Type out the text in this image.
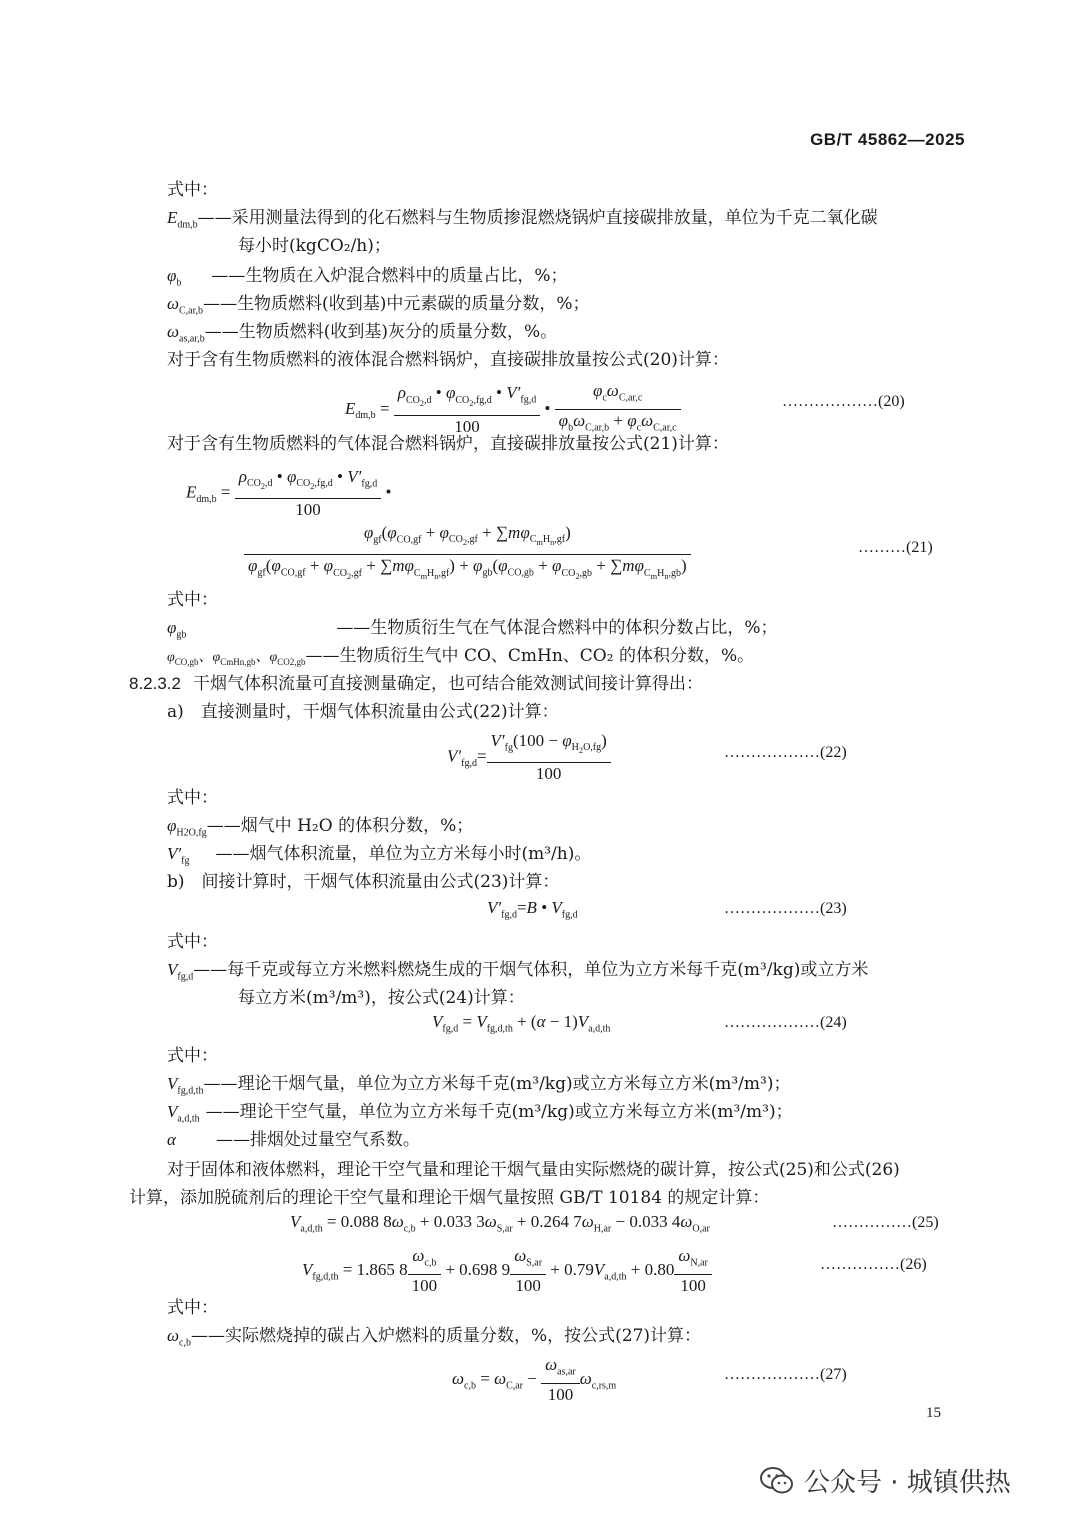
GB/T 45862—2025
式中：
$E_{dm,b}——$采用测量法得到的化石燃料与生物质掺混燃烧锅炉直接碳排放量，单位为千克二氧化碳
每小时(kgCO₂/h)；
$\varphi_b$ ——生物质在入炉混合燃料中的质量占比，%；
$\omega_{C,ar,b}——$生物质燃料(收到基)中元素碳的质量分数，%；
$\omega_{as,ar,b}——$生物质燃料(收到基)灰分的质量分数，%。
对于含有生物质燃料的液体混合燃料锅炉，直接碳排放量按公式(20)计算：
$E_{dm,b} = \frac{\rho_{CO_2,d} • \varphi_{CO_2,fg,d} • V'_{fg,d}}{100}$ • $\frac{\varphi_c\omega_{C,ar,c}}{\varphi_b\omega_{C,ar,b} + \varphi_c\omega_{C,ar,c}}$	………………(20)
对于含有生物质燃料的气体混合燃料锅炉，直接碳排放量按公式(21)计算：
$E_{dm,b} = \frac{\rho_{CO_2,d} • \varphi_{CO_2,fg,d} • V'_{fg,d}}{100}$ •
$\varphi_{gf}(\varphi_{CO,gf} + \varphi_{CO_2,gf} + \sum m\varphi_{C_mH_n,gf})$
$\varphi_{gf}(\varphi_{CO,gf} + \varphi_{CO_2,gf} + \sum m\varphi_{C_mH_n,gf}) + \varphi_{gb}(\varphi_{CO,gb} + \varphi_{CO_2,gb} + \sum m\varphi_{C_mH_n,gb})$
………(21)
式中：
$\varphi_{gb}$	——生物质衍生气在气体混合燃料中的体积分数占比，%；
$\varphi_{CO,gb}$、$\varphi_{CmHn,gb}$、$\varphi_{CO2,gb}——$生物质衍生气中 CO、CmHn、CO₂ 的体积分数，%。
8.2.3.2 干烟气体积流量可直接测量确定，也可结合能效测试间接计算得出：
a)　直接测量时，干烟气体积流量由公式(22)计算：
$V'_{fg,d}= \frac{V'_{fg}(100 - \varphi_{H_2O,fg})}{100}$	………………(22)
式中：
$\varphi_{H2O,fg}——$烟气中 H₂O 的体积分数，%；
$V'_{fg}$ ——烟气体积流量，单位为立方米每小时(m³/h)。
b)　间接计算时，干烟气体积流量由公式(23)计算：
$V'_{fg,d}=B$ • $V_{fg,d}$	………………(23)
式中：
$V_{fg,d}——$每千克或每立方米燃料燃烧生成的干烟气体积，单位为立方米每千克(m³/kg)或立方米
每立方米(m³/m³)，按公式(24)计算：
$V_{fg,d} = V_{fg,d,th} + (\alpha - 1)V_{a,d,th}$	………………(24)
式中：
$V_{fg,d,th}——$理论干烟气量，单位为立方米每千克(m³/kg)或立方米每立方米(m³/m³)；
$V_{a,d,th}$ ——理论干空气量，单位为立方米每千克(m³/kg)或立方米每立方米(m³/m³)；
α ——排烟处过量空气系数。
对于固体和液体燃料，理论干空气量和理论干烟气量由实际燃烧的碳计算，按公式(25)和公式(26)
计算，添加脱硫剂后的理论干空气量和理论干烟气量按照 GB/T 10184 的规定计算：
$V_{a,d,th} = 0.088$ $8\omega_{c,b} + 0.033$ $3\omega_{S,ar} + 0.264$ $7\omega_{H,ar} - 0.033$ $4\omega_{O,ar}$	……………(25)
$V_{fg,d,th} = 1.865$ $8 \frac{\omega_{c,b}}{100} + 0.698$ $9 \frac{\omega_{S,ar}}{100} + 0.79V_{a,d,th} + 0.80 \frac{\omega_{N,ar}}{100}$	……………(26)
式中：
$\omega_{c,b}——$实际燃烧掉的碳占入炉燃料的质量分数，%，按公式(27)计算：
$\omega_{c,b} = \omega_{C,ar} - \frac{\omega_{as,ar}}{100} \omega_{c,rs,m}$
………………(27)
15
公众号 · 城镇供热
